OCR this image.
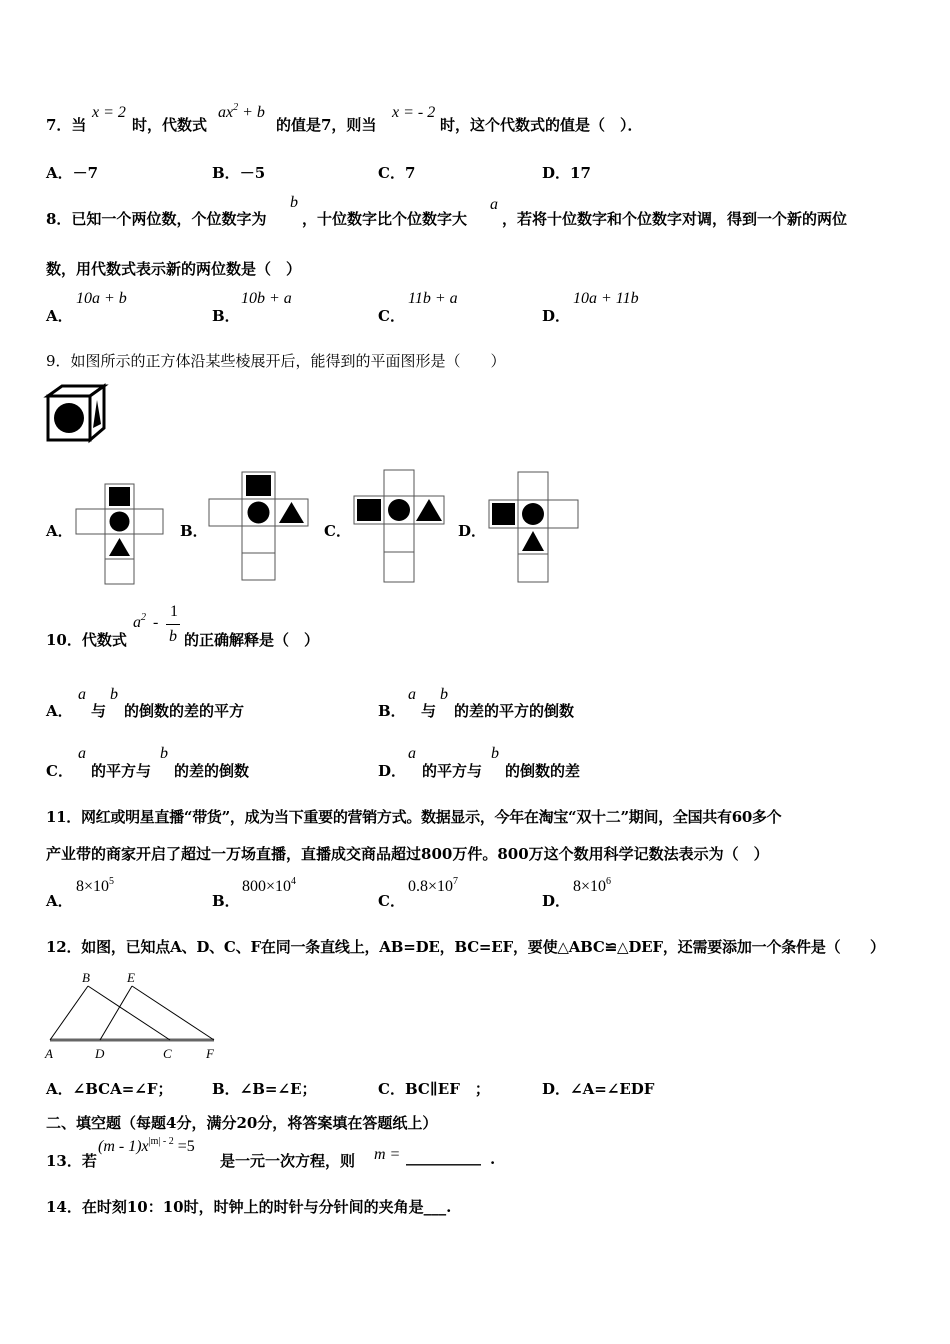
7．当
x = 2
时，代数式
$ax^2 + b$
的值是7，则当
x = - 2
时，这个代数式的值是（　）．
A．－7	B．－5	C．7	D．17
8．已知一个两位数，个位数字为
b
，十位数字比个位数字大
a
，若将十位数字和个位数字对调，得到一个新的两位
数，用代数式表示新的两位数是（　）
A．
10a + b
B．
10b + a
C．
11b + a
D．
10a + 11b
9．如图所示的正方体沿某些棱展开后，能得到的平面图形是（　　）
A．	B．	C．	D．
10．代数式
$a^2$ -
1
b 的正确解释是（　）
A．
a
与
b
的倒数的差的平方	B．
a
与
b
的差的平方的倒数
C．
a
的平方与
b
的差的倒数	D．
a
的平方与
b
的倒数的差
11．网红或明星直播“带货”，成为当下重要的营销方式。数据显示，今年在淘宝“双十二”期间，全国共有60多个
产业带的商家开启了超过一万场直播，直播成交商品超过800万件。800万这个数用科学记数法表示为（　）
A．
$8\times 10^5$
B．
$800\times 10^4$
C．
$0.8\times 10^7$
D．
$8\times 10^6$
12．如图，已知点A、D、C、F在同一条直线上，AB=DE，BC=EF，要使△ABC≌△DEF，还需要添加一个条件是（　　）
B	E
A	D	C	F
A．∠BCA=∠F；	B．∠B=∠E；	C．BC∥EF　；	D．∠A=∠EDF
二、填空题（每题4分，满分20分，将答案填在答题纸上）
13．若
$(m - 1)x^{|m| - 2} =5$
是一元一次方程，则 m = __________ .
14．在时刻10：10时，时钟上的时针与分针间的夹角是___.
